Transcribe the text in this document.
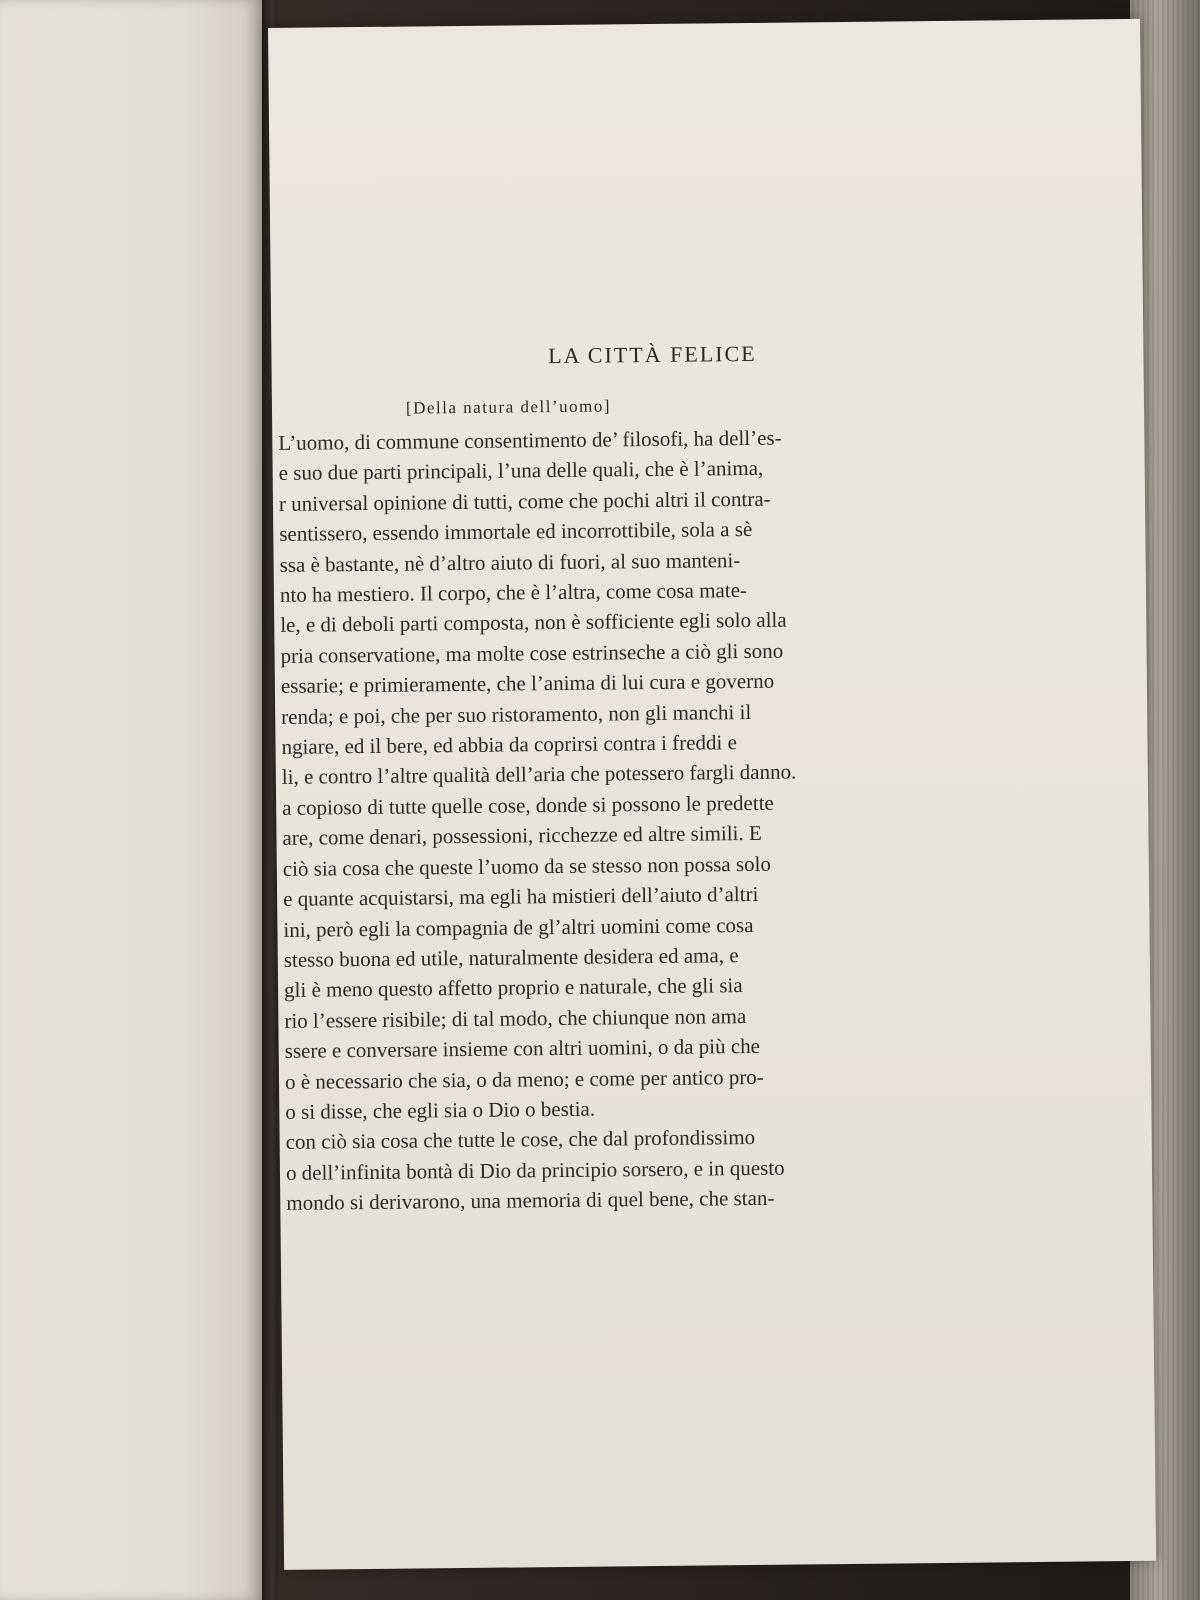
LA CITTÀ FELICE
[Della natura dell’uomo]
L’uomo, di commune consentimento de’ filosofi, ha dell’es-
e suo due parti principali, l’una delle quali, che è l’anima,
r universal opinione di tutti, come che pochi altri il contra-
sentissero, essendo immortale ed incorrottibile, sola a sè
ssa è bastante, nè d’altro aiuto di fuori, al suo manteni-
nto ha mestiero. Il corpo, che è l’altra, come cosa mate-
le, e di deboli parti composta, non è sofficiente egli solo alla
pria conservatione, ma molte cose estrinseche a ciò gli sono
essarie; e primieramente, che l’anima di lui cura e governo
renda; e poi, che per suo ristoramento, non gli manchi il
ngiare, ed il bere, ed abbia da coprirsi contra i freddi e
li, e contro l’altre qualità dell’aria che potessero fargli danno.
a copioso di tutte quelle cose, donde si possono le predette
are, come denari, possessioni, ricchezze ed altre simili. E
ciò sia cosa che queste l’uomo da se stesso non possa solo
e quante acquistarsi, ma egli ha mistieri dell’aiuto d’altri
ini, però egli la compagnia de gl’altri uomini come cosa
stesso buona ed utile, naturalmente desidera ed ama, e
gli è meno questo affetto proprio e naturale, che gli sia
rio l’essere risibile; di tal modo, che chiunque non ama
ssere e conversare insieme con altri uomini, o da più che
o è necessario che sia, o da meno; e come per antico pro-
o si disse, che egli sia o Dio o bestia.
con ciò sia cosa che tutte le cose, che dal profondissimo
o dell’infinita bontà di Dio da principio sorsero, e in questo
mondo si derivarono, una memoria di quel bene, che stan-
